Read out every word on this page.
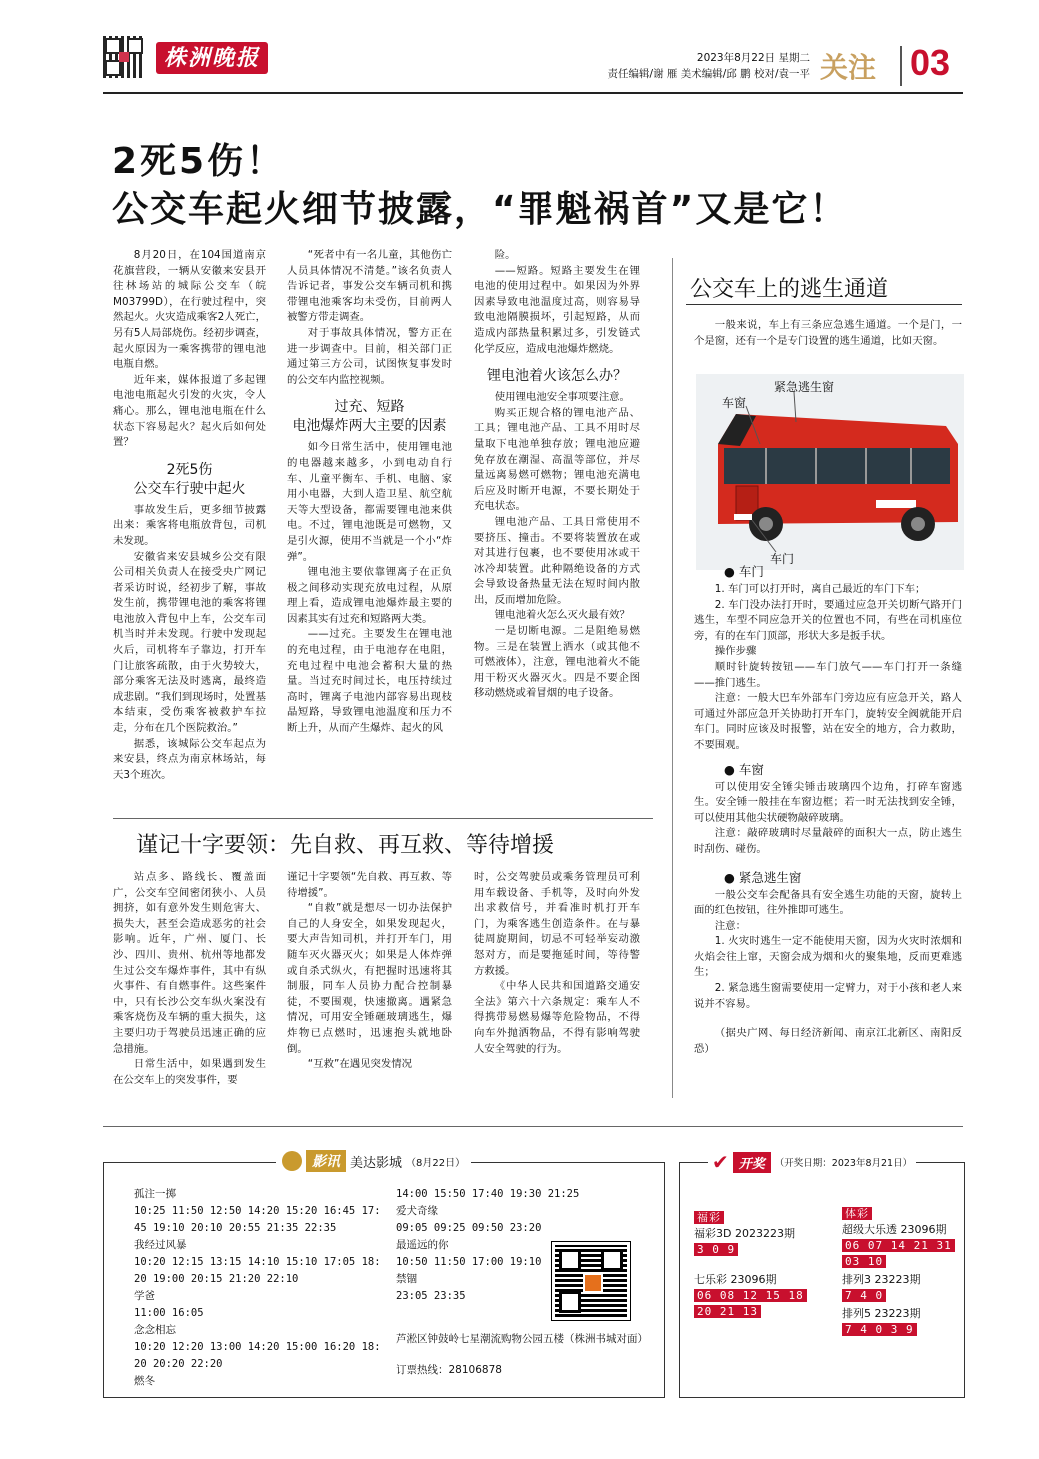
株洲晚报	2023年8月22日 星期二
责任编辑/谢 雁 美术编辑/邱 鹏 校对/袁一平 关注 03
2死5伤！
公交车起火细节披露，“罪魁祸首”又是它！

8月20日，在104国道南京花旗营段，一辆从安徽来安县开往林场站的城际公交车（皖M03799D），在行驶过程中，突然起火。火灾造成乘客2人死亡，另有5人局部烧伤。经初步调查，起火原因为一乘客携带的锂电池电瓶自燃。

近年来，媒体报道了多起锂电池电瓶起火引发的火灾，令人痛心。那么，锂电池电瓶在什么状态下容易起火？起火后如何处置？

2死5伤
公交车行驶中起火

事故发生后，更多细节披露出来：乘客将电瓶放背包，司机未发现。

安徽省来安县城乡公交有限公司相关负责人在接受央广网记者采访时说，经初步了解，事故发生前，携带锂电池的乘客将锂电池放入背包中上车，公交车司机当时并未发现。行驶中发现起火后，司机将车子靠边，打开车门让旅客疏散，由于火势较大，部分乘客无法及时逃离，最终造成悲剧。“我们到现场时，处置基本结束，受伤乘客被救护车拉走，分布在几个医院救治。”

据悉，该城际公交车起点为来安县，终点为南京林场站，每天3个班次。

“死者中有一名儿童，其他伤亡人员具体情况不清楚。”该名负责人告诉记者，事发公交车辆司机和携带锂电池乘客均未受伤，目前两人被警方带走调查。

对于事故具体情况，警方正在进一步调查中。目前，相关部门正通过第三方公司，试图恢复事发时的公交车内监控视频。

过充、短路
电池爆炸两大主要的因素

如今日常生活中，使用锂电池的电器越来越多，小到电动自行车、儿童平衡车、手机、电脑、家用小电器，大到人造卫星、航空航天等大型设备，都需要锂电池来供电。不过，锂电池既是可燃物，又是引火源，使用不当就是一个小“炸弹”。

锂电池主要依靠锂离子在正负极之间移动实现充放电过程，从原理上看，造成锂电池爆炸最主要的因素其实有过充和短路两大类。

——过充。主要发生在锂电池的充电过程，由于电池存在电阻，充电过程中电池会蓄积大量的热量。当过充时间过长，电压持续过高时，锂离子电池内部容易出现枝晶短路，导致锂电池温度和压力不断上升，从而产生爆炸、起火的风

险。

——短路。短路主要发生在锂电池的使用过程中。如果因为外界因素导致电池温度过高，则容易导致电池隔膜损坏，引起短路，从而造成内部热量积累过多，引发链式化学反应，造成电池爆炸燃烧。

锂电池着火该怎么办？

使用锂电池安全事项要注意。

购买正规合格的锂电池产品、工具；锂电池产品、工具不用时尽量取下电池单独存放；锂电池应避免存放在潮湿、高温等部位，并尽量远离易燃可燃物；锂电池充满电后应及时断开电源，不要长期处于充电状态。

锂电池产品、工具日常使用不要挤压、撞击。不要将装置放在或对其进行包裹，也不要使用冰或干冰冷却装置。此种隔绝设备的方式会导致设备热量无法在短时间内散出，反而增加危险。

锂电池着火怎么灭火最有效？

一是切断电源。二是阻绝易燃物。三是在装置上洒水（或其他不可燃液体），注意，锂电池着火不能用干粉灭火器灭火。四是不要企图移动燃烧或着冒烟的电子设备。

公交车上的逃生通道

一般来说，车上有三条应急逃生通道。一个是门，一个是窗，还有一个是专门设置的逃生通道，比如天窗。

车窗
紧急逃生窗
车门
● 车门

1. 车门可以打开时，离自己最近的车门下车；

2. 车门没办法打开时，要通过应急开关切断气路开门逃生，车型不同应急开关的位置也不同，有些在司机座位旁，有的在车门顶部，形状大多是扳手状。

操作步骤

顺时针旋转按钮——车门放气——车门打开一条缝——推门逃生。

注意：一般大巴车外部车门旁边应有应急开关，路人可通过外部应急开关协助打开车门，旋转安全阀就能开启车门。同时应该及时报警，站在安全的地方，合力救助，不要围观。

● 车窗

可以使用安全锤尖锤击玻璃四个边角，打碎车窗逃生。安全锤一般挂在车窗边框；若一时无法找到安全锤，可以使用其他尖状硬物敲碎玻璃。

注意：敲碎玻璃时尽量敲碎的面积大一点，防止逃生时刮伤、碰伤。

● 紧急逃生窗

一般公交车会配备具有安全逃生功能的天窗，旋转上面的红色按钮，往外推即可逃生。

注意：

1. 火灾时逃生一定不能使用天窗，因为火灾时浓烟和火焰会往上窜，天窗会成为烟和火的聚集地，反而更难逃生；

2. 紧急逃生窗需要使用一定臂力，对于小孩和老人来说并不容易。

（据央广网、每日经济新闻、南京江北新区、南阳反恐）

谨记十字要领：先自救、再互救、等待增援

站点多、路线长、覆盖面广，公交车空间密闭狭小、人员拥挤，如有意外发生则危害大、损失大，甚至会造成恶劣的社会影响。近年，广州、厦门、长沙、四川、贵州、杭州等地都发生过公交车爆炸事件，其中有纵火事件、有自燃事件。这些案件中，只有长沙公交车纵火案没有乘客烧伤及车辆的重大损失，这主要归功于驾驶员迅速正确的应急措施。

日常生活中，如果遇到发生在公交车上的突发事件，要

谨记十字要领“先自救、再互救、等待增援”。

“自救”就是想尽一切办法保护自己的人身安全，如果发现起火，要大声告知司机，并打开车门，用随车灭火器灭火；如果是人体炸弹或自杀式纵火，有把握时迅速将其制服，同车人员协力配合控制暴徒，不要围观，快速撤离。遇紧急情况，可用安全锤砸玻璃逃生，爆炸物已点燃时，迅速抱头就地卧倒。

“互救”在遇见突发情况

时，公交驾驶员或乘务管理员可利用车载设备、手机等，及时向外发出求救信号，并看准时机打开车门，为乘客逃生创造条件。在与暴徒周旋期间，切忌不可轻举妄动激怒对方，而是要拖延时间，等待警方救援。

《中华人民共和国道路交通安全法》第六十六条规定：乘车人不得携带易燃易爆等危险物品，不得向车外抛洒物品，不得有影响驾驶人安全驾驶的行为。

影讯 美达影城 （8月22日）
孤注一掷
10:25 11:50 12:50 14:20 15:20 16:45 17:
45 19:10 20:10 20:55 21:35 22:35
我经过风暴
10:20 12:15 13:15 14:10 15:10 17:05 18:
20 19:00 20:15 21:20 22:10
学爸
11:00 16:05
念念相忘
10:20 12:20 13:00 14:20 15:00 16:20 18:
20 20:20 22:20
燃冬
14:00 15:50 17:40 19:30 21:25
爱犬奇缘
09:05 09:25 09:50 23:20
最遥远的你
10:50 11:50 17:00 19:10
禁锢
23:05 23:35
芦淞区钟鼓岭七星潮流购物公园五楼（株洲书城对面）
订票热线：28106878
✔ 开奖	（开奖日期：2023年8月21日）
福彩
福彩3D 2023223期
3 0 9
七乐彩 23096期
06 08 12 15 18
20 21 13
体彩
超级大乐透 23096期
06 07 14 21 31
03 10
排列3 23223期
7 4 0
排列5 23223期
7 4 0 3 9
